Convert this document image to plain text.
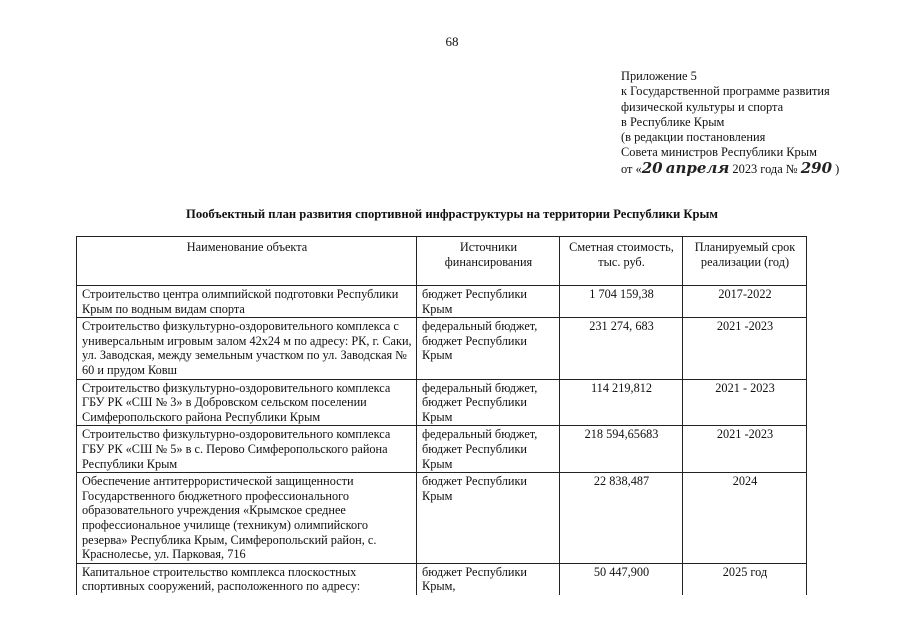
68
Приложение 5
к Государственной программе развития
физической культуры и спорта
в Республике Крым
(в редакции постановления
Совета министров Республики Крым
от «20 апреля 2023 года № 290 )
Пообъектный план развития спортивной инфраструктуры на территории Республики Крым
Наименование объекта	Источники финансирования	Сметная стоимость, тыс. руб.	Планируемый срок реализации (год)
Строительство центра олимпийской подготовки Республики Крым по водным видам спорта	бюджет Республики Крым	1 704 159,38	2017-2022
Строительство физкультурно-оздоровительного комплекса с универсальным игровым залом 42х24 м по адресу: РК, г. Саки, ул. Заводская, между земельным участком по ул. Заводская № 60 и прудом Ковш	федеральный бюджет, бюджет Республики Крым	231 274, 683	2021 -2023
Строительство физкультурно-оздоровительного комплекса ГБУ РК «СШ № 3» в Добровском сельском поселении Симферопольского района Республики Крым	федеральный бюджет, бюджет Республики Крым	114 219,812	2021 - 2023
Строительство физкультурно-оздоровительного комплекса ГБУ РК «СШ № 5» в с. Перово Симферопольского района Республики Крым	федеральный бюджет, бюджет Республики Крым	218 594,65683	2021 -2023
Обеспечение антитеррористической защищенности Государственного бюджетного профессионального образовательного учреждения «Крымское среднее профессиональное училище (техникум) олимпийского резерва» Республика Крым, Симферопольский район, с. Краснолесье, ул. Парковая, 716	бюджет Республики Крым	22 838,487	2024
Капитальное строительство комплекса плоскостных спортивных сооружений, расположенного по адресу:	бюджет Республики Крым,	50 447,900	2025 год
